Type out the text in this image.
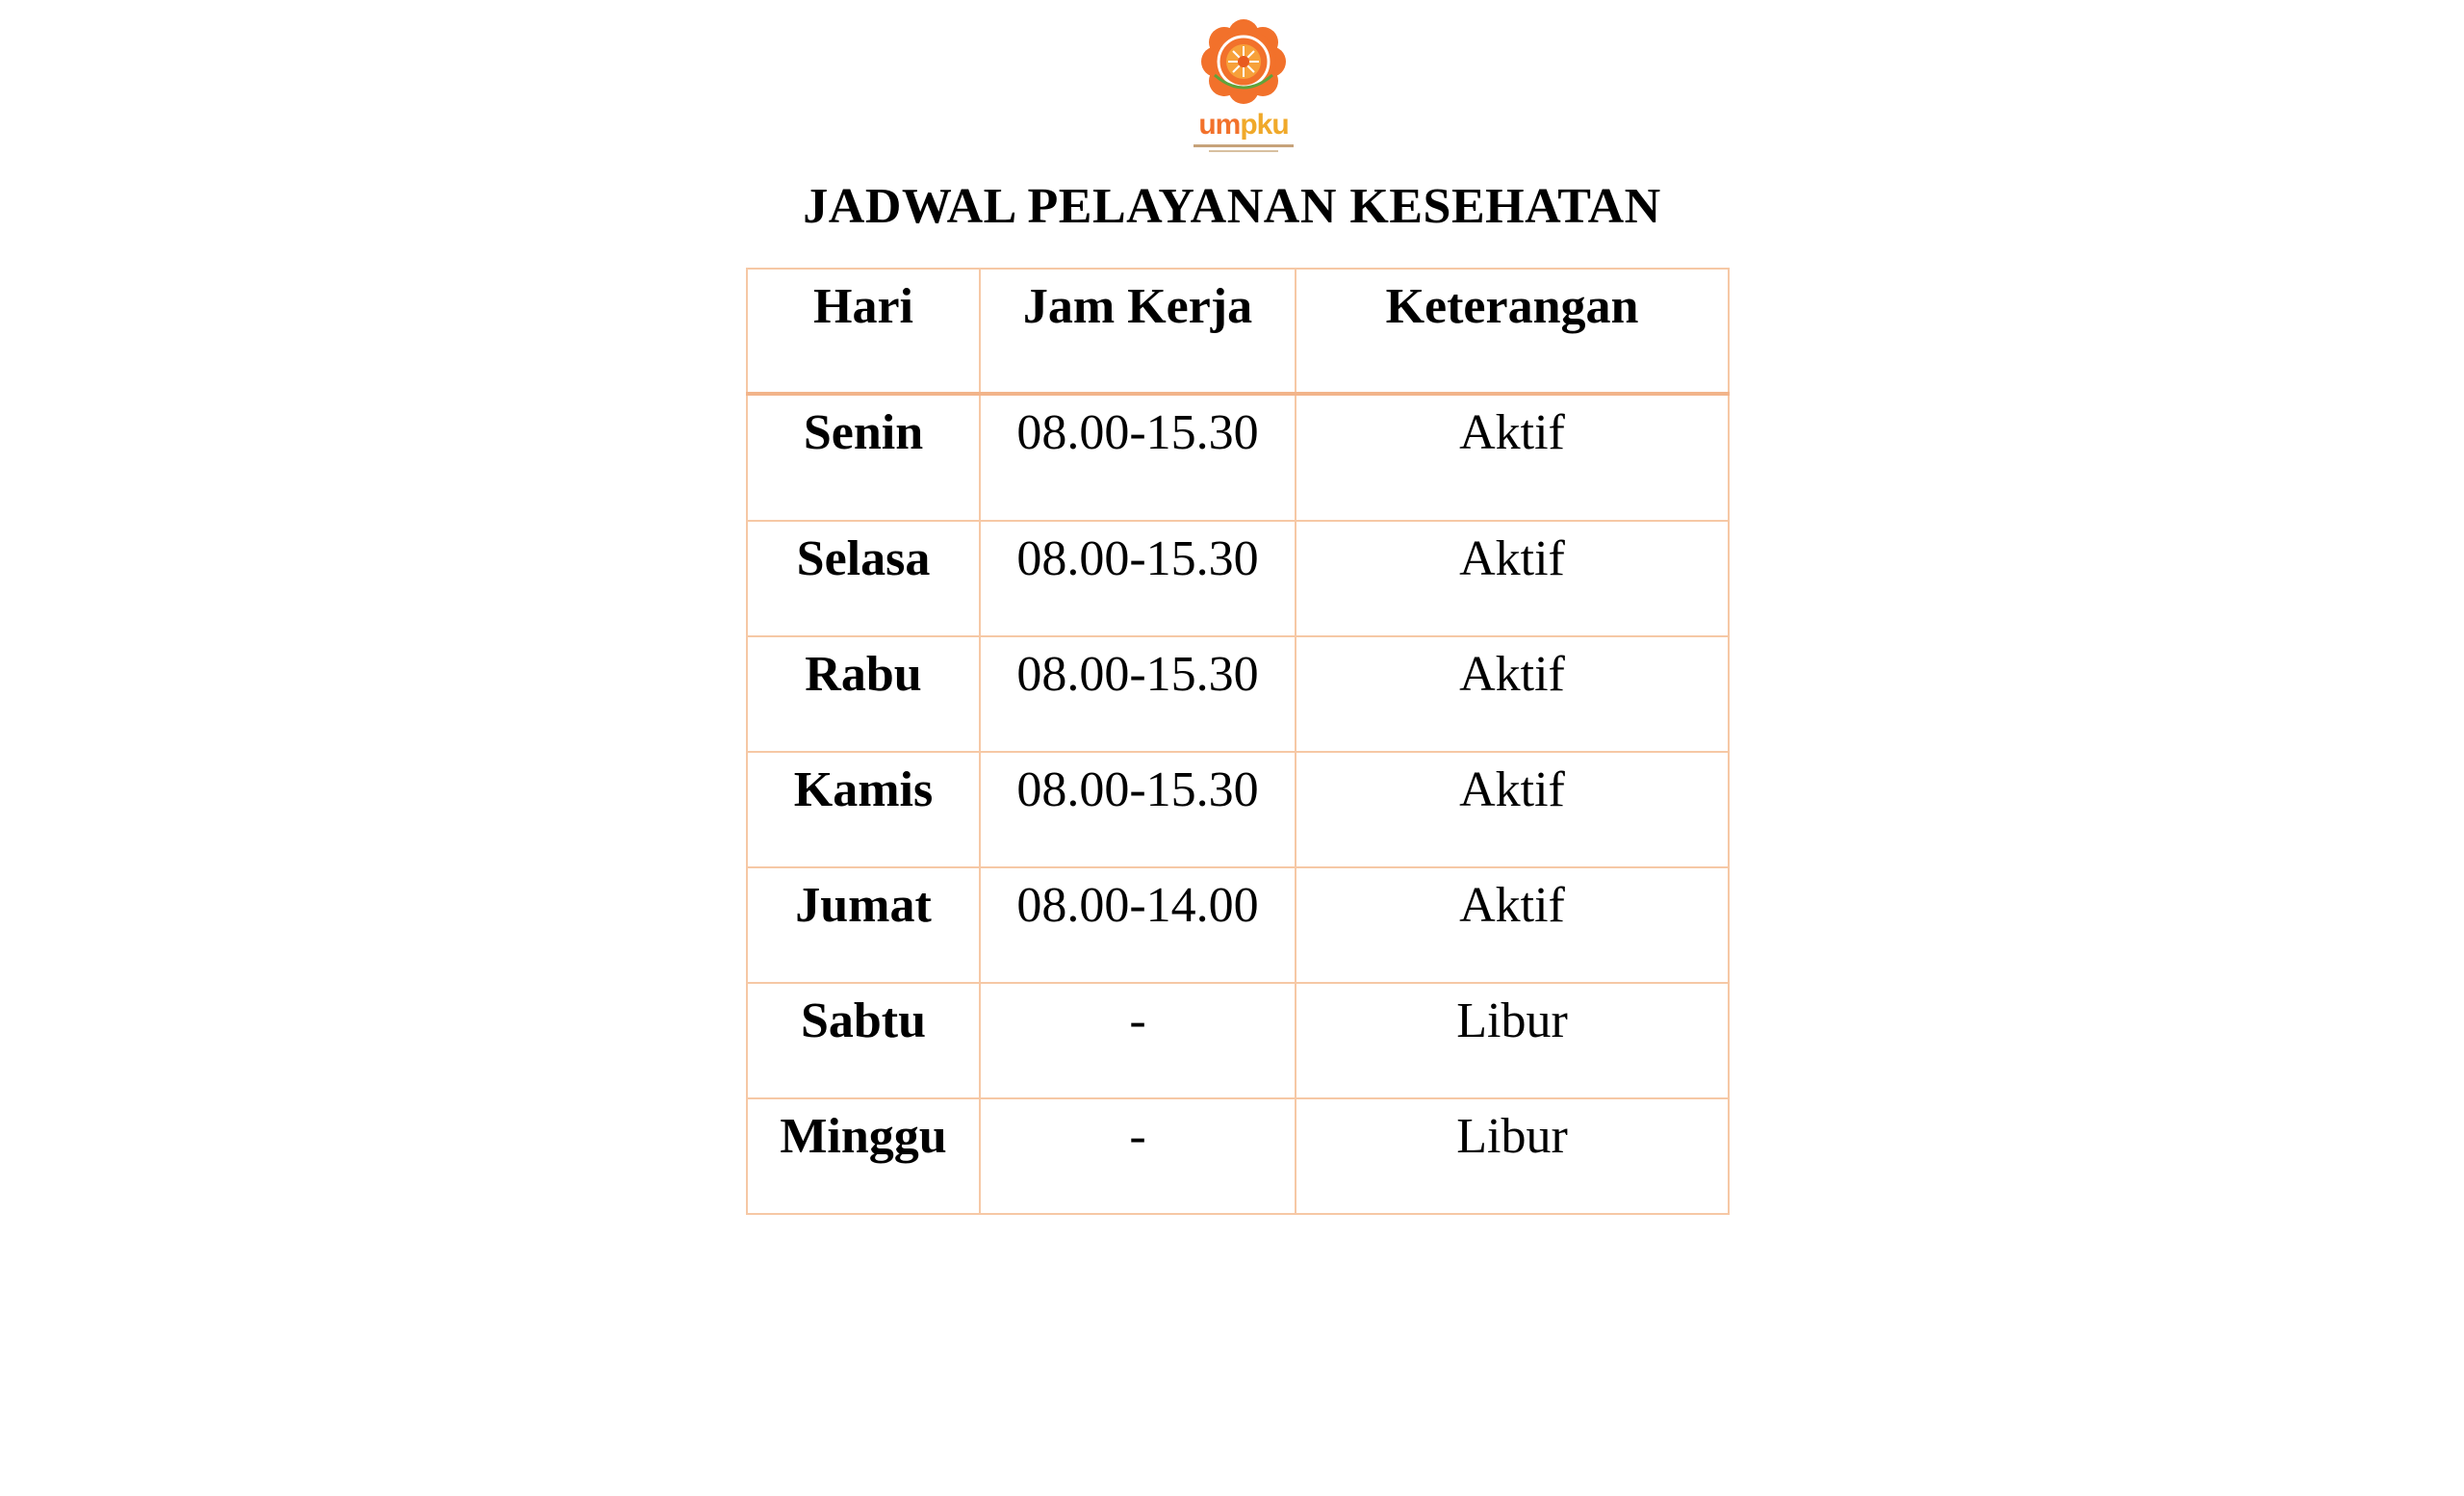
umpku
JADWAL PELAYANAN KESEHATAN
Hari	Jam Kerja	Keterangan
Senin	08.00-15.30	Aktif
Selasa	08.00-15.30	Aktif
Rabu	08.00-15.30	Aktif
Kamis	08.00-15.30	Aktif
Jumat	08.00-14.00	Aktif
Sabtu	-	Libur
Minggu	-	Libur
